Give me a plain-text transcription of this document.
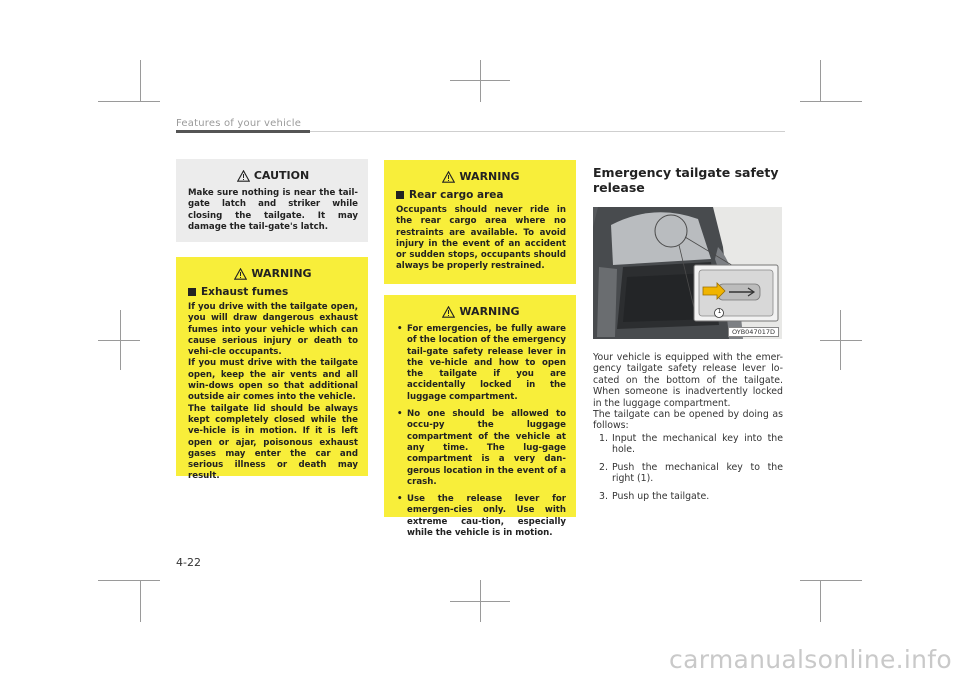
Features of your vehicle
CAUTION
Make sure nothing is near the tail-gate latch and striker while closing the tailgate. It may damage the tail-gate's latch.
WARNING
Exhaust fumes

If you drive with the tailgate open, you will draw dangerous exhaust fumes into your vehicle which can cause serious injury or death to vehi-cle occupants.

If you must drive with the tailgate open, keep the air vents and all win-dows open so that additional outside air comes into the vehicle.

The tailgate lid should be always kept completely closed while the ve-hicle is in motion. If it is left open or ajar, poisonous exhaust gases may enter the car and serious illness or death may result.

WARNING
Rear cargo area
Occupants should never ride in the rear cargo area where no restraints are available. To avoid injury in the event of an accident or sudden stops, occupants should always be properly restrained.
WARNING
• For emergencies, be fully aware of the location of the emergency tail-gate safety release lever in the ve-hicle and how to open the tailgate if you are accidentally locked in the luggage compartment.
• No one should be allowed to occu-py the luggage compartment of the vehicle at any time. The lug-gage compartment is a very dan-gerous location in the event of a crash.
• Use the release lever for emergen-cies only. Use with extreme cau-tion, especially while the vehicle is in motion.
Emergency tailgate safety release
1
OYB047017D

Your vehicle is equipped with the emer-gency tailgate safety release lever lo-cated on the bottom of the tailgate. When someone is inadvertently locked in the luggage compartment.

The tailgate can be opened by doing as follows:

1. Input the mechanical key into the hole.
2. Push the mechanical key to the right (1).
3. Push up the tailgate.
4-22
carmanualsonline.info
